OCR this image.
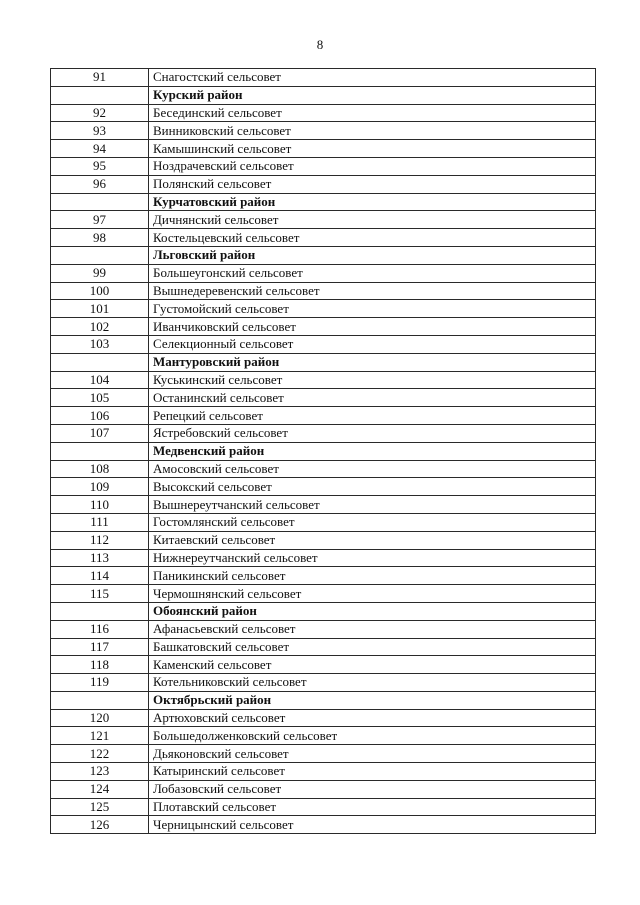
8
91	Снагостский сельсовет
	Курский район
92	Бесединский сельсовет
93	Винниковский сельсовет
94	Камышинский сельсовет
95	Ноздрачевский сельсовет
96	Полянский сельсовет
	Курчатовский район
97	Дичнянский сельсовет
98	Костельцевский сельсовет
	Льговский район
99	Большеугонский сельсовет
100	Вышнедеревенский сельсовет
101	Густомойский сельсовет
102	Иванчиковский сельсовет
103	Селекционный сельсовет
	Мантуровский район
104	Куськинский сельсовет
105	Останинский сельсовет
106	Репецкий сельсовет
107	Ястребовский сельсовет
	Медвенский район
108	Амосовский сельсовет
109	Высокский сельсовет
110	Вышнереутчанский сельсовет
111	Гостомлянский сельсовет
112	Китаевский сельсовет
113	Нижнереутчанский сельсовет
114	Паникинский сельсовет
115	Чермошнянский сельсовет
	Обоянский район
116	Афанасьевский сельсовет
117	Башкатовский сельсовет
118	Каменский сельсовет
119	Котельниковский сельсовет
	Октябрьский район
120	Артюховский сельсовет
121	Большедолженковский сельсовет
122	Дьяконовский сельсовет
123	Катыринский сельсовет
124	Лобазовский сельсовет
125	Плотавский сельсовет
126	Черницынский сельсовет
